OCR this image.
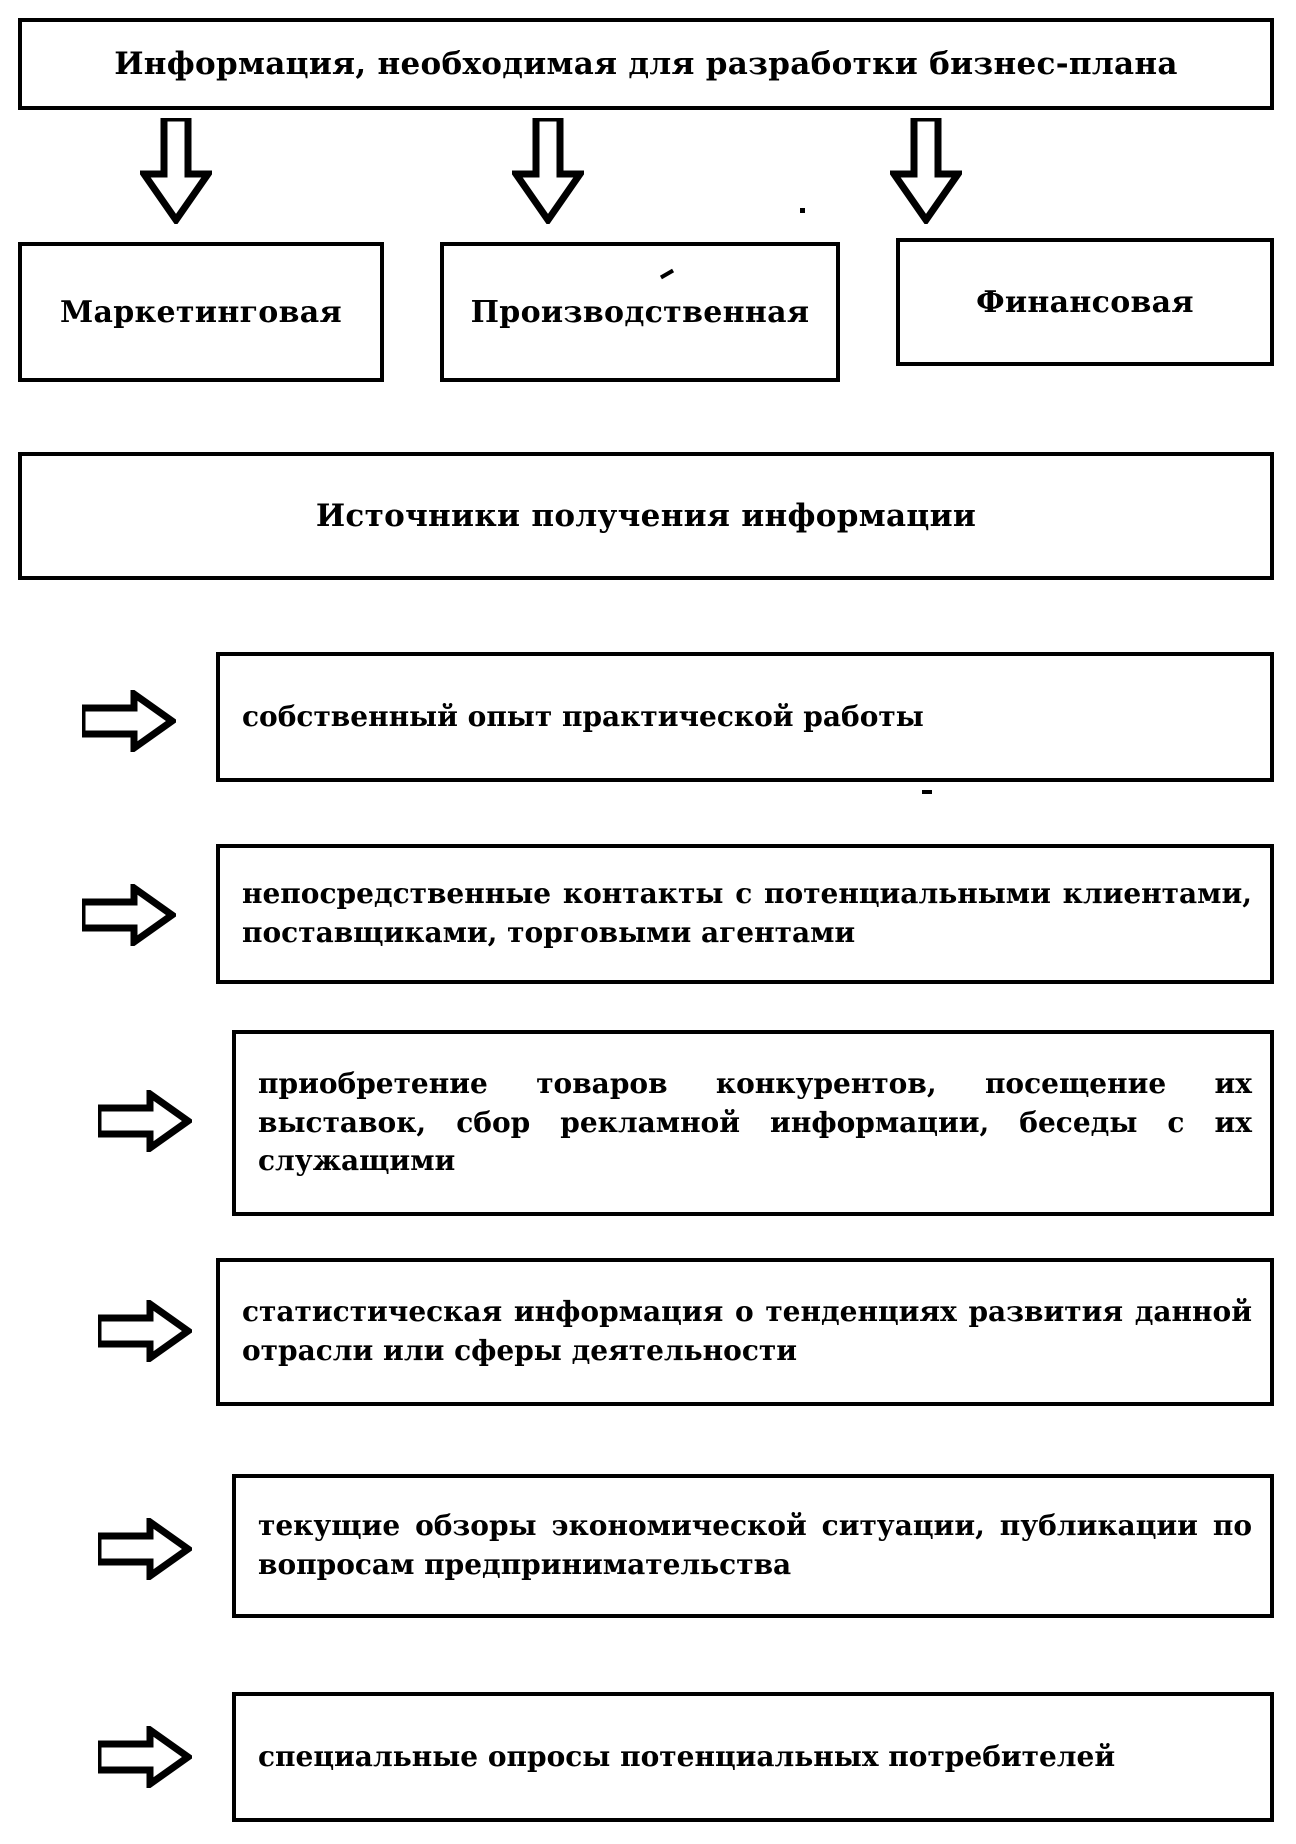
Информация, необходимая для разработки бизнес-плана
Маркетинговая	Производственная	Финансовая
Источники получения информации
собственный опыт практической работы
непосредственные контакты с потенциальными клиентами, поставщиками, торговыми агентами
приобретение товаров конкурентов, посещение их выставок, сбор рекламной информации, беседы с их служащими
статистическая информация о тенденциях развития данной отрасли или сферы деятельности
текущие обзоры экономической ситуации, публикации по вопросам предпринимательства
специальные опросы потенциальных потребителей
